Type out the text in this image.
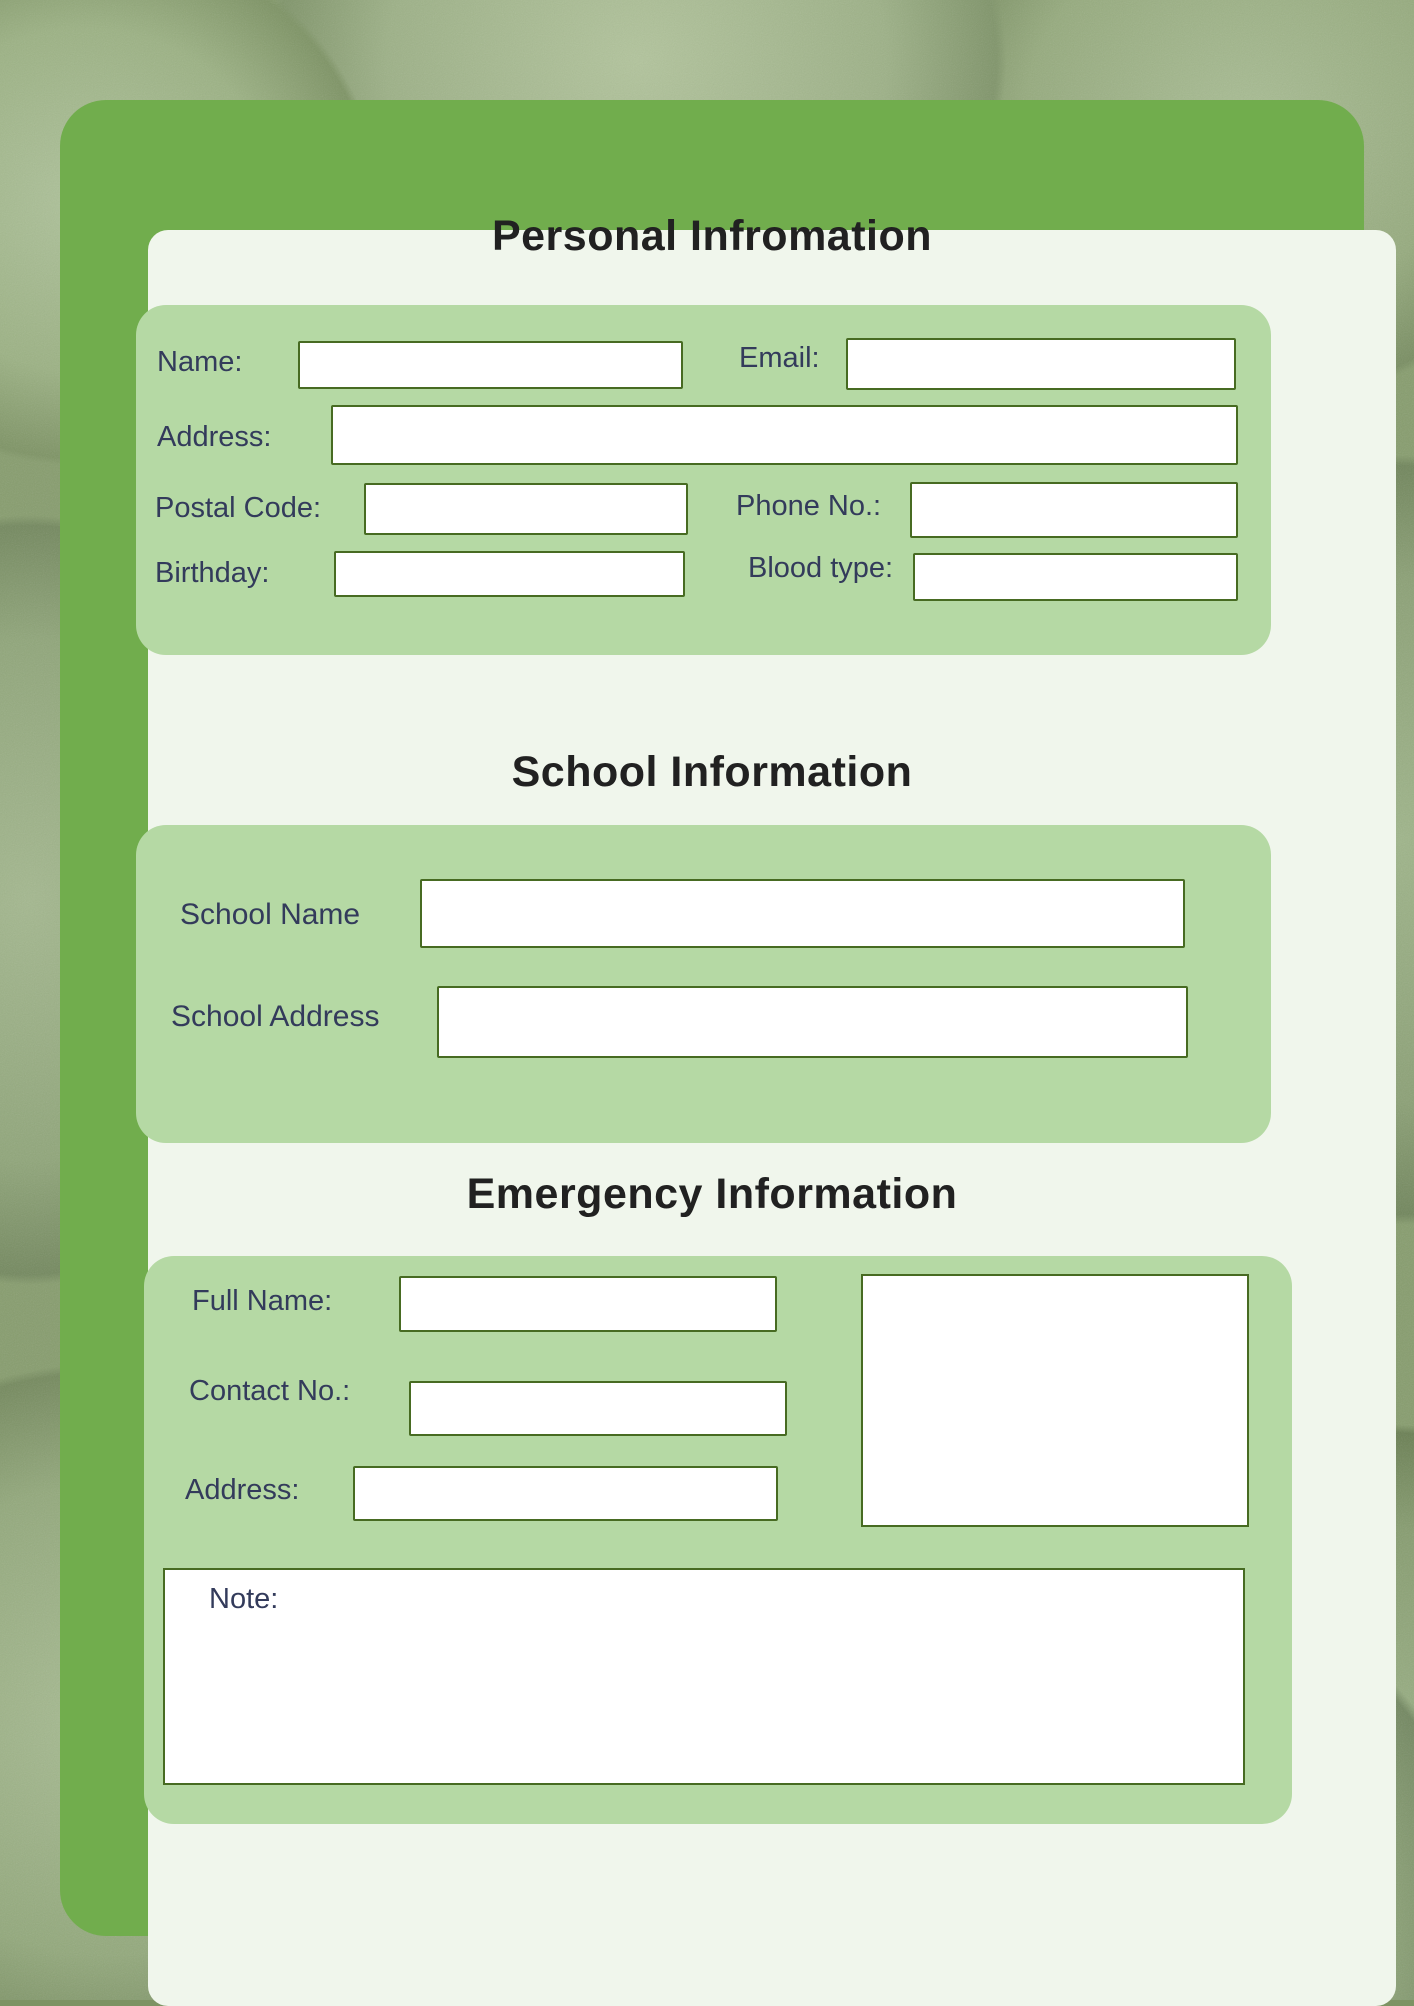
Personal Infromation
Name:	Email:
Address:
Postal Code:	Phone No.:
Birthday:	Blood type:
School Information
School Name
School Address
Emergency Information
Full Name:
Contact No.:
Address:
Note:
